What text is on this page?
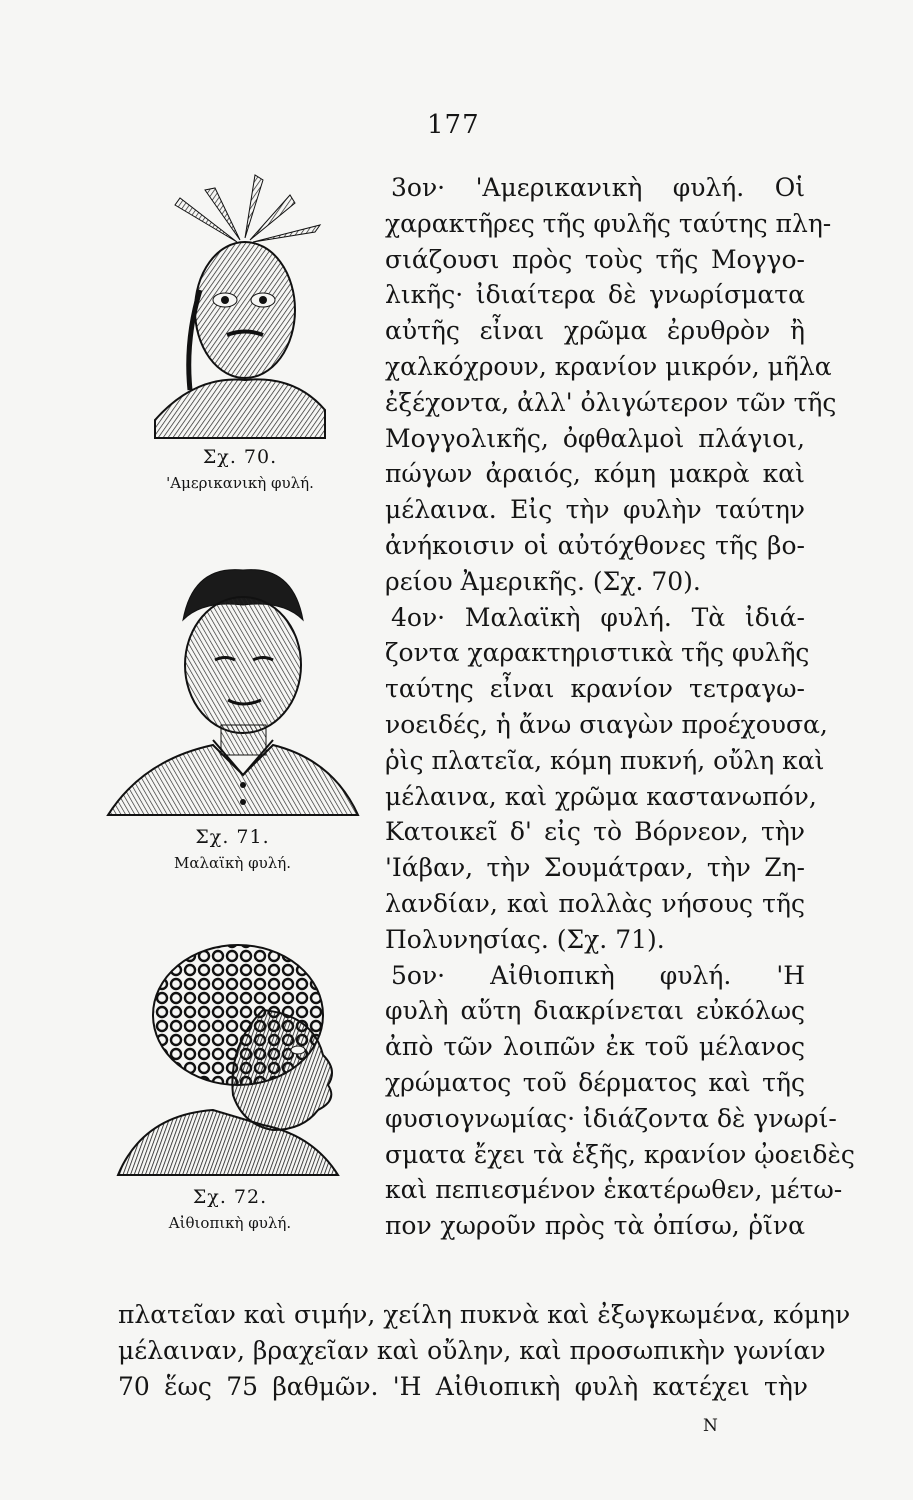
177
Σχ. 70.
'Αμερικανικὴ φυλή.
Σχ. 71.
Μαλαϊκὴ φυλή.
Σχ. 72.
Αἰθιοπικὴ φυλή.
3ον· 'Αμερικανικὴ φυλή. Οἱ
χαρακτῆρες τῆς φυλῆς ταύτης πλη-
σιάζουσι πρὸς τοὺς τῆς Μογγο-
λικῆς· ἰδιαίτερα δὲ γνωρίσματα
αὐτῆς εἶναι χρῶμα ἐρυθρὸν ἢ
χαλκόχρουν, κρανίον μικρόν, μῆλα
ἐξέχοντα, ἀλλ' ὀλιγώτερον τῶν τῆς
Μογγολικῆς, ὀφθαλμοὶ πλάγιοι,
πώγων ἀραιός, κόμη μακρὰ καὶ
μέλαινα. Εἰς τὴν φυλὴν ταύτην
ἀνήκοισιν οἱ αὐτόχθονες τῆς βο-
ρείου Ἀμερικῆς. (Σχ. 70).
4ον· Μαλαϊκὴ φυλή. Τὰ ἰδιά-
ζοντα χαρακτηριστικὰ τῆς φυλῆς
ταύτης εἶναι κρανίον τετραγω-
νοειδές, ἡ ἄνω σιαγὼν προέχουσα,
ῥὶς πλατεῖα, κόμη πυκνή, οὔλη καὶ
μέλαινα, καὶ χρῶμα καστανωπόν,
Κατοικεῖ δ' εἰς τὸ Βόρνεον, τὴν
'Ιάβαν, τὴν Σουμάτραν, τὴν Ζη-
λανδίαν, καὶ πολλὰς νήσους τῆς
Πολυνησίας. (Σχ. 71).
5ον· Αἰθιοπικὴ φυλή. 'Η
φυλὴ αὕτη διακρίνεται εὐκόλως
ἀπὸ τῶν λοιπῶν ἐκ τοῦ μέλανος
χρώματος τοῦ δέρματος καὶ τῆς
φυσιογνωμίας· ἰδιάζοντα δὲ γνωρί-
σματα ἔχει τὰ ἑξῆς, κρανίον ᾠοειδὲς
καὶ πεπιεσμένον ἑκατέρωθεν, μέτω-
πον χωροῦν πρὸς τὰ ὀπίσω, ῥῖνα
πλατεῖαν καὶ σιμήν, χείλη πυκνὰ καὶ ἐξωγκωμένα, κόμην
μέλαιναν, βραχεῖαν καὶ οὔλην, καὶ προσωπικὴν γωνίαν
70 ἕως 75 βαθμῶν. 'Η Αἰθιοπικὴ φυλὴ κατέχει τὴν
N
